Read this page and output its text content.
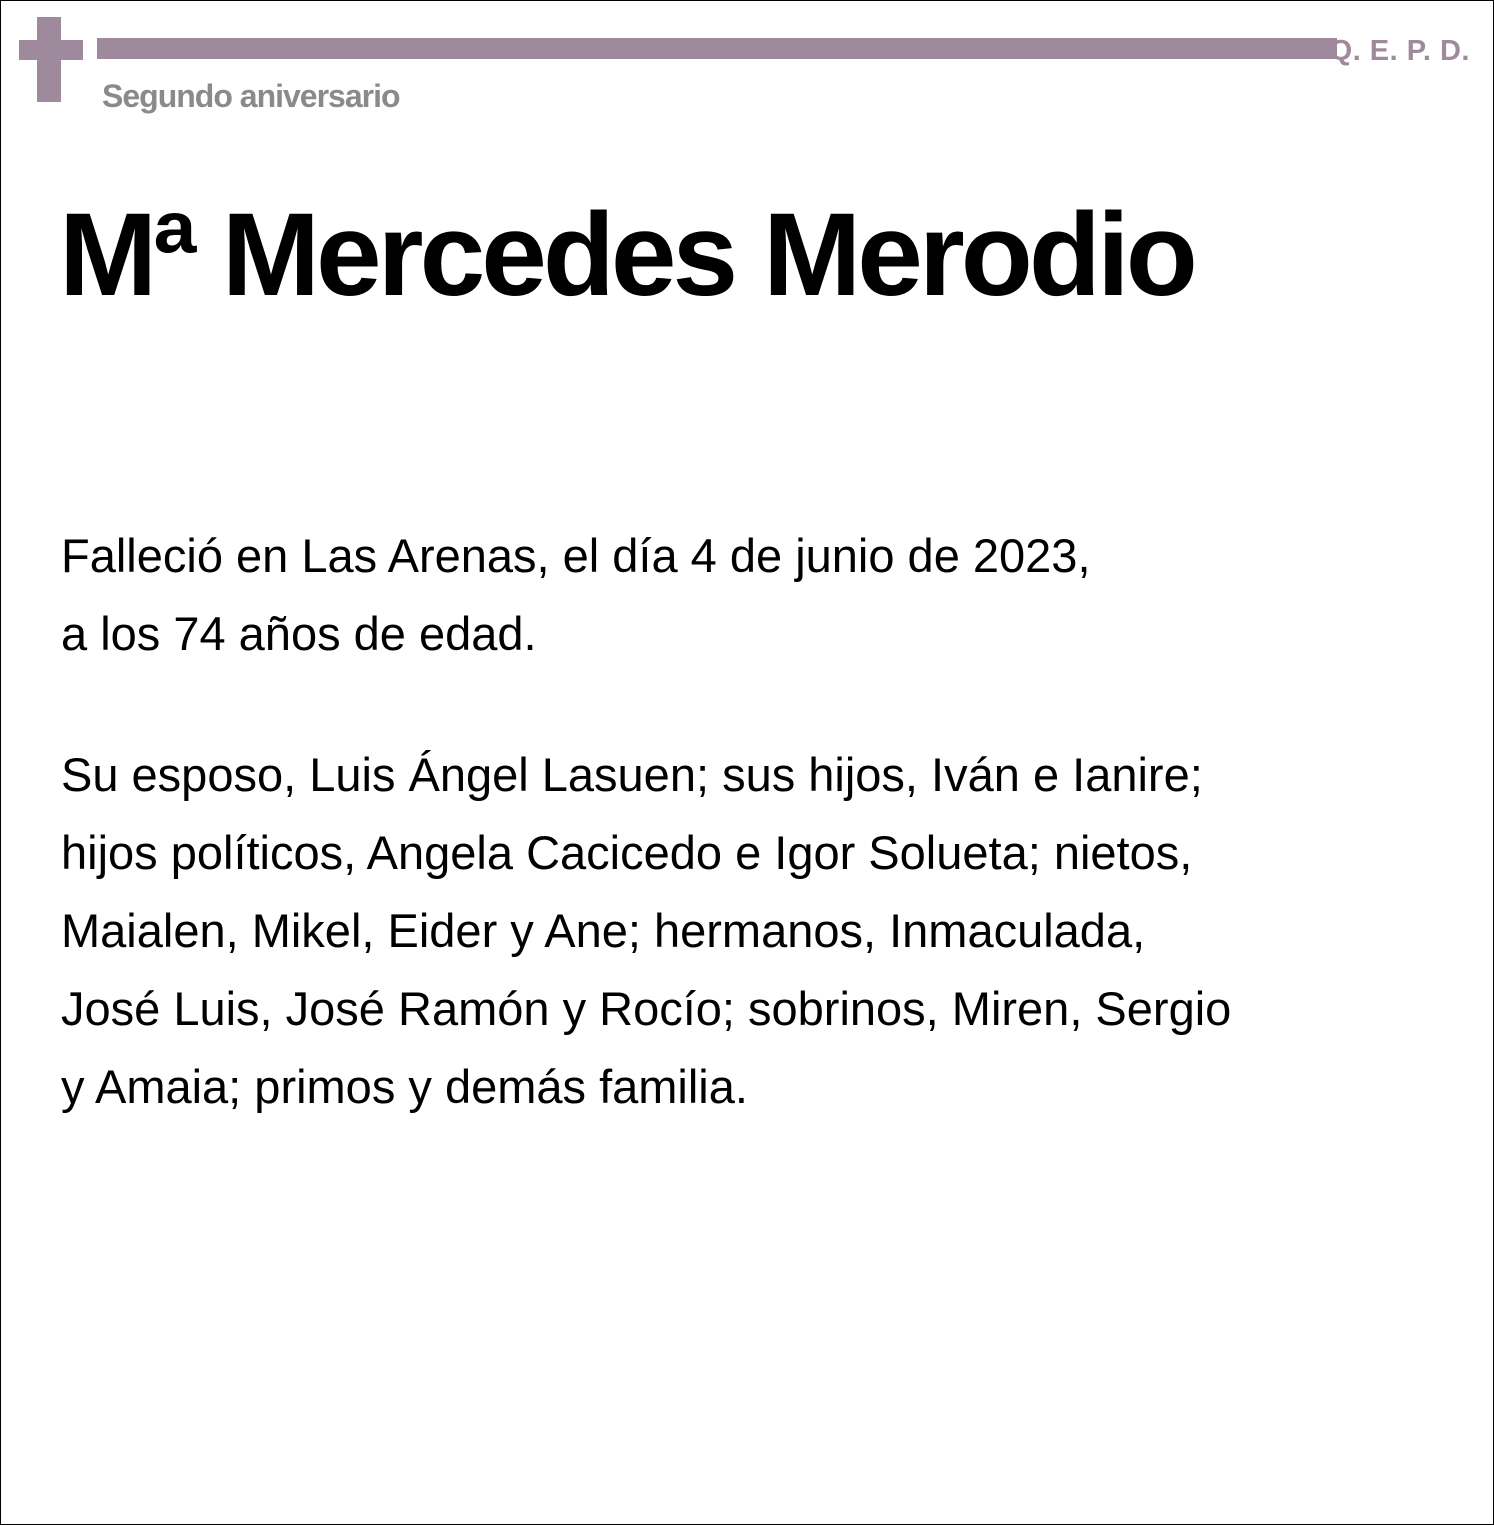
Q. E. P. D.
Segundo aniversario
Mª Mercedes Merodio

Falleció en Las Arenas, el día 4 de junio de 2023,
a los 74 años de edad.

Su esposo, Luis Ángel Lasuen; sus hijos, Iván e Ianire;
hijos políticos, Angela Cacicedo e Igor Solueta; nietos,
Maialen, Mikel, Eider y Ane; hermanos, Inmaculada,
José Luis, José Ramón y Rocío; sobrinos, Miren, Sergio
y Amaia; primos y demás familia.
